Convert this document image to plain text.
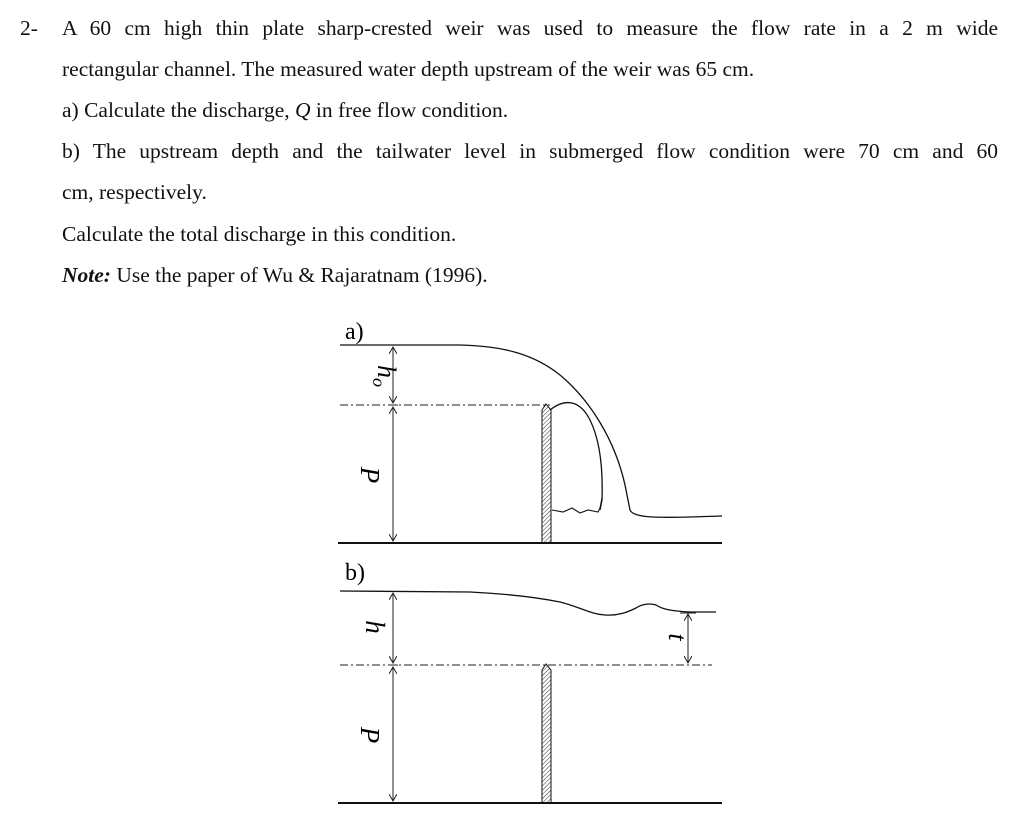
2- A 60 cm high thin plate sharp-crested weir was used to measure the flow rate in a 2 m wide
rectangular channel. The measured water depth upstream of the weir was 65 cm.
a) Calculate the discharge, Q in free flow condition.
b) The upstream depth and the tailwater level in submerged flow condition were 70 cm and 60
cm, respectively.
Calculate the total discharge in this condition.
Note: Use the paper of Wu & Rajaratnam (1996).
a)
ho
P
b)
h
P
t
